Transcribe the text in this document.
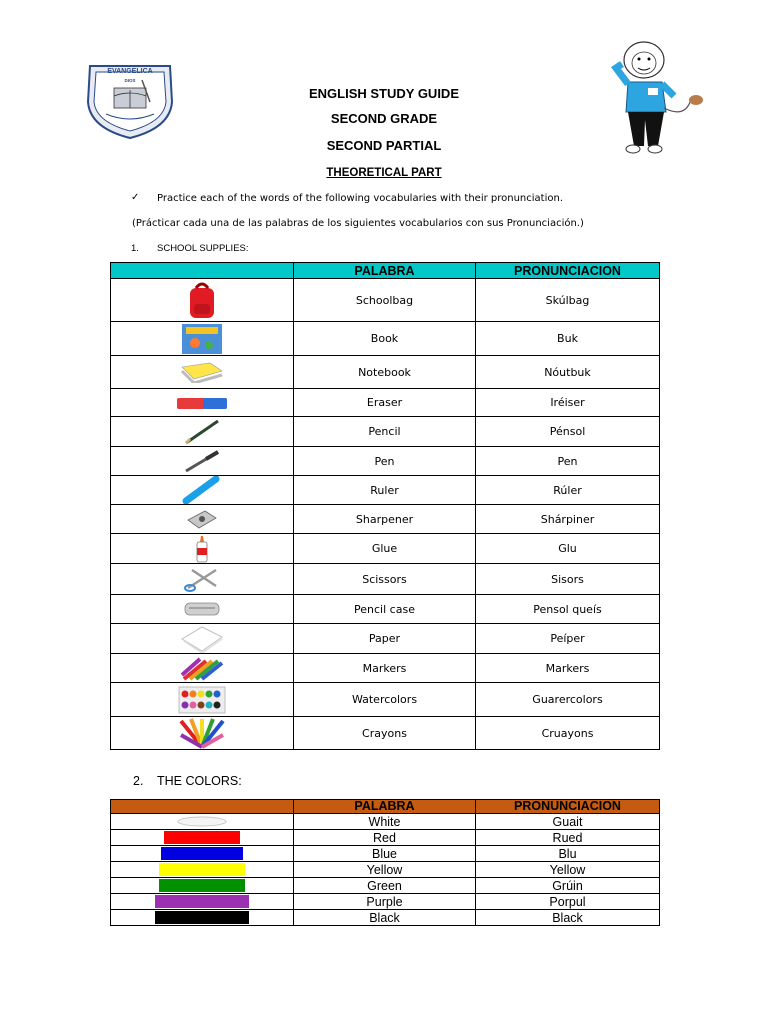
EVANGELICA
DIOS
ENGLISH STUDY GUIDE
SECOND GRADE
SECOND PARTIAL
THEORETICAL PART
✓ Practice each of the words of the following vocabularies with their pronunciation.
(Prácticar cada una de las palabras de los siguientes vocabularios con sus Pronunciación.)
1. SCHOOL SUPPLIES:
	PALABRA	PRONUNCIACION

	Schoolbag	Skúlbag

	Book	Buk

	Notebook	Nóutbuk

	Eraser	Iréiser

	Pencil	Pénsol

	Pen	Pen

	Ruler	Rúler

	Sharpener	Shárpiner

	Glue	Glu

	Scissors	Sisors

	Pencil case	Pensol queís

	Paper	Peíper

	Markers	Markers

	Watercolors	Guarercolors

	Crayons	Cruayons
2. THE COLORS:
	PALABRA	PRONUNCIACION

	White	Guait

	Red	Rued

	Blue	Blu

	Yellow	Yellow

	Green	Grúin

	Purple	Porpul

	Black	Black
